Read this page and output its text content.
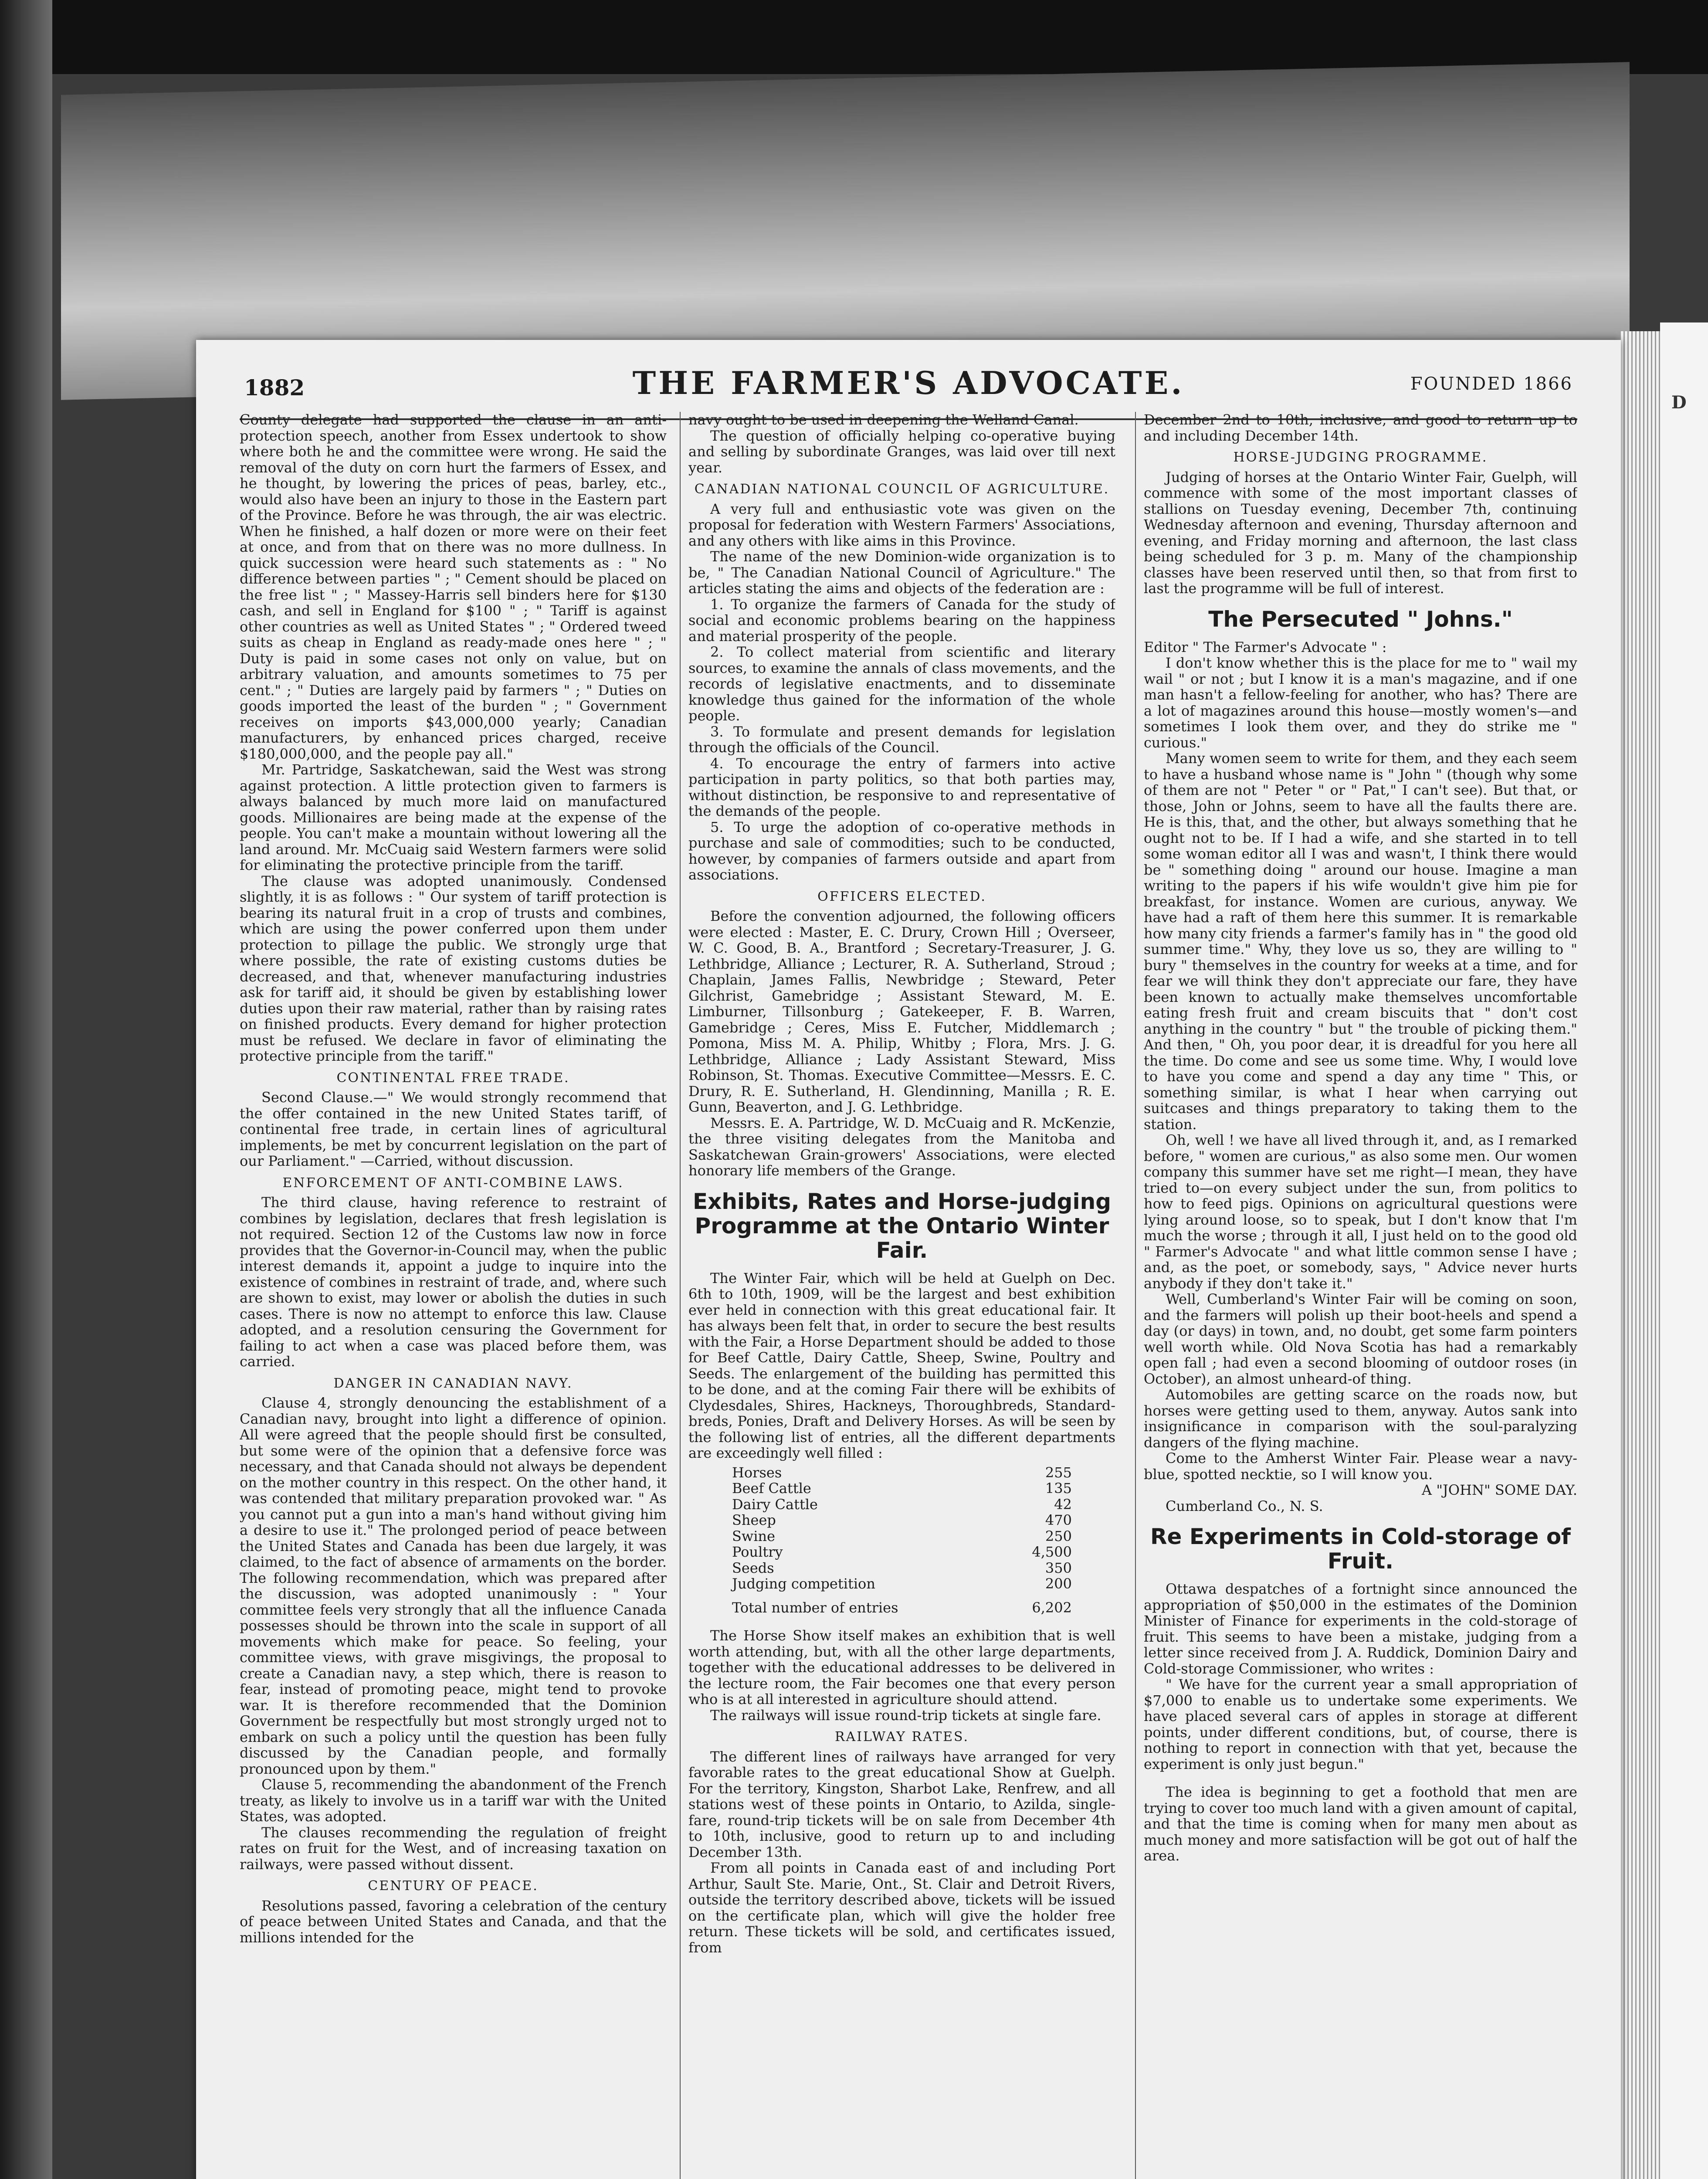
D
1882	THE FARMER'S ADVOCATE.	FOUNDED 1866

County delegate had supported the clause in an anti-protection speech, another from Essex undertook to show where both he and the committee were wrong. He said the removal of the duty on corn hurt the farmers of Essex, and he thought, by lowering the prices of peas, barley, etc., would also have been an injury to those in the Eastern part of the Province. Before he was through, the air was electric. When he finished, a half dozen or more were on their feet at once, and from that on there was no more dullness. In quick succession were heard such statements as : " No difference between parties " ; " Cement should be placed on the free list " ; " Massey-Harris sell binders here for $130 cash, and sell in England for $100 " ; " Tariff is against other countries as well as United States " ; " Ordered tweed suits as cheap in England as ready-made ones here " ; " Duty is paid in some cases not only on value, but on arbitrary valuation, and amounts sometimes to 75 per cent." ; " Duties are largely paid by farmers " ; " Duties on goods imported the least of the burden " ; " Government receives on imports $43,000,000 yearly; Canadian manufacturers, by enhanced prices charged, receive $180,000,000, and the people pay all."

Mr. Partridge, Saskatchewan, said the West was strong against protection. A little protection given to farmers is always balanced by much more laid on manufactured goods. Millionaires are being made at the expense of the people. You can't make a mountain without lowering all the land around. Mr. McCuaig said Western farmers were solid for eliminating the protective principle from the tariff.

The clause was adopted unanimously. Condensed slightly, it is as follows : " Our system of tariff protection is bearing its natural fruit in a crop of trusts and combines, which are using the power conferred upon them under protection to pillage the public. We strongly urge that where possible, the rate of existing customs duties be decreased, and that, whenever manufacturing industries ask for tariff aid, it should be given by establishing lower duties upon their raw material, rather than by raising rates on finished products. Every demand for higher protection must be refused. We declare in favor of eliminating the protective principle from the tariff."

CONTINENTAL FREE TRADE.

Second Clause.—" We would strongly recommend that the offer contained in the new United States tariff, of continental free trade, in certain lines of agricultural implements, be met by concurrent legislation on the part of our Parliament." —Carried, without discussion.

ENFORCEMENT OF ANTI-COMBINE LAWS.

The third clause, having reference to restraint of combines by legislation, declares that fresh legislation is not required. Section 12 of the Customs law now in force provides that the Governor-in-Council may, when the public interest demands it, appoint a judge to inquire into the existence of combines in restraint of trade, and, where such are shown to exist, may lower or abolish the duties in such cases. There is now no attempt to enforce this law. Clause adopted, and a resolution censuring the Government for failing to act when a case was placed before them, was carried.

DANGER IN CANADIAN NAVY.

Clause 4, strongly denouncing the establishment of a Canadian navy, brought into light a difference of opinion. All were agreed that the people should first be consulted, but some were of the opinion that a defensive force was necessary, and that Canada should not always be dependent on the mother country in this respect. On the other hand, it was contended that military preparation provoked war. " As you cannot put a gun into a man's hand without giving him a desire to use it." The prolonged period of peace between the United States and Canada has been due largely, it was claimed, to the fact of absence of armaments on the border. The following recommendation, which was prepared after the discussion, was adopted unanimously : " Your committee feels very strongly that all the influence Canada possesses should be thrown into the scale in support of all movements which make for peace. So feeling, your committee views, with grave misgivings, the proposal to create a Canadian navy, a step which, there is reason to fear, instead of promoting peace, might tend to provoke war. It is therefore recommended that the Dominion Government be respectfully but most strongly urged not to embark on such a policy until the question has been fully discussed by the Canadian people, and formally pronounced upon by them."

Clause 5, recommending the abandonment of the French treaty, as likely to involve us in a tariff war with the United States, was adopted.

The clauses recommending the regulation of freight rates on fruit for the West, and of increasing taxation on railways, were passed without dissent.

CENTURY OF PEACE.

Resolutions passed, favoring a celebration of the century of peace between United States and Canada, and that the millions intended for the

navy ought to be used in deepening the Welland Canal.

The question of officially helping co-operative buying and selling by subordinate Granges, was laid over till next year.

CANADIAN NATIONAL COUNCIL OF AGRICULTURE.

A very full and enthusiastic vote was given on the proposal for federation with Western Farmers' Associations, and any others with like aims in this Province.

The name of the new Dominion-wide organization is to be, " The Canadian National Council of Agriculture." The articles stating the aims and objects of the federation are :

1. To organize the farmers of Canada for the study of social and economic problems bearing on the happiness and material prosperity of the people.

2. To collect material from scientific and literary sources, to examine the annals of class movements, and the records of legislative enactments, and to disseminate knowledge thus gained for the information of the whole people.

3. To formulate and present demands for legislation through the officials of the Council.

4. To encourage the entry of farmers into active participation in party politics, so that both parties may, without distinction, be responsive to and representative of the demands of the people.

5. To urge the adoption of co-operative methods in purchase and sale of commodities; such to be conducted, however, by companies of farmers outside and apart from associations.

OFFICERS ELECTED.

Before the convention adjourned, the following officers were elected : Master, E. C. Drury, Crown Hill ; Overseer, W. C. Good, B. A., Brantford ; Secretary-Treasurer, J. G. Lethbridge, Alliance ; Lecturer, R. A. Sutherland, Stroud ; Chaplain, James Fallis, Newbridge ; Steward, Peter Gilchrist, Gamebridge ; Assistant Steward, M. E. Limburner, Tillsonburg ; Gatekeeper, F. B. Warren, Gamebridge ; Ceres, Miss E. Futcher, Middlemarch ; Pomona, Miss M. A. Philip, Whitby ; Flora, Mrs. J. G. Lethbridge, Alliance ; Lady Assistant Steward, Miss Robinson, St. Thomas. Executive Committee—Messrs. E. C. Drury, R. E. Sutherland, H. Glendinning, Manilla ; R. E. Gunn, Beaverton, and J. G. Lethbridge.

Messrs. E. A. Partridge, W. D. McCuaig and R. McKenzie, the three visiting delegates from the Manitoba and Saskatchewan Grain-growers' Associations, were elected honorary life members of the Grange.

Exhibits, Rates and Horse-judging Programme at the Ontario Winter Fair.

The Winter Fair, which will be held at Guelph on Dec. 6th to 10th, 1909, will be the largest and best exhibition ever held in connection with this great educational fair. It has always been felt that, in order to secure the best results with the Fair, a Horse Department should be added to those for Beef Cattle, Dairy Cattle, Sheep, Swine, Poultry and Seeds. The enlargement of the building has permitted this to be done, and at the coming Fair there will be exhibits of Clydesdales, Shires, Hackneys, Thoroughbreds, Standard-breds, Ponies, Draft and Delivery Horses. As will be seen by the following list of entries, all the different departments are exceedingly well filled :

Horses	255
Beef Cattle	135
Dairy Cattle	42
Sheep	470
Swine	250
Poultry	4,500
Seeds	350
Judging competition	200
Total number of entries	6,202

The Horse Show itself makes an exhibition that is well worth attending, but, with all the other large departments, together with the educational addresses to be delivered in the lecture room, the Fair becomes one that every person who is at all interested in agriculture should attend.

The railways will issue round-trip tickets at single fare.

RAILWAY RATES.

The different lines of railways have arranged for very favorable rates to the great educational Show at Guelph. For the territory, Kingston, Sharbot Lake, Renfrew, and all stations west of these points in Ontario, to Azilda, single-fare, round-trip tickets will be on sale from December 4th to 10th, inclusive, good to return up to and including December 13th.

From all points in Canada east of and including Port Arthur, Sault Ste. Marie, Ont., St. Clair and Detroit Rivers, outside the territory described above, tickets will be issued on the certificate plan, which will give the holder free return. These tickets will be sold, and certificates issued, from

December 2nd to 10th, inclusive, and good to return up to and including December 14th.

HORSE-JUDGING PROGRAMME.

Judging of horses at the Ontario Winter Fair, Guelph, will commence with some of the most important classes of stallions on Tuesday evening, December 7th, continuing Wednesday afternoon and evening, Thursday afternoon and evening, and Friday morning and afternoon, the last class being scheduled for 3 p. m. Many of the championship classes have been reserved until then, so that from first to last the programme will be full of interest.

The Persecuted " Johns."

Editor " The Farmer's Advocate " :

I don't know whether this is the place for me to " wail my wail " or not ; but I know it is a man's magazine, and if one man hasn't a fellow-feeling for another, who has? There are a lot of magazines around this house—mostly women's—and sometimes I look them over, and they do strike me " curious."

Many women seem to write for them, and they each seem to have a husband whose name is " John " (though why some of them are not " Peter " or " Pat," I can't see). But that, or those, John or Johns, seem to have all the faults there are. He is this, that, and the other, but always something that he ought not to be. If I had a wife, and she started in to tell some woman editor all I was and wasn't, I think there would be " something doing " around our house. Imagine a man writing to the papers if his wife wouldn't give him pie for breakfast, for instance. Women are curious, anyway. We have had a raft of them here this summer. It is remarkable how many city friends a farmer's family has in " the good old summer time." Why, they love us so, they are willing to " bury " themselves in the country for weeks at a time, and for fear we will think they don't appreciate our fare, they have been known to actually make themselves uncomfortable eating fresh fruit and cream biscuits that " don't cost anything in the country " but " the trouble of picking them." And then, " Oh, you poor dear, it is dreadful for you here all the time. Do come and see us some time. Why, I would love to have you come and spend a day any time " This, or something similar, is what I hear when carrying out suitcases and things preparatory to taking them to the station.

Oh, well ! we have all lived through it, and, as I remarked before, " women are curious," as also some men. Our women company this summer have set me right—I mean, they have tried to—on every subject under the sun, from politics to how to feed pigs. Opinions on agricultural questions were lying around loose, so to speak, but I don't know that I'm much the worse ; through it all, I just held on to the good old " Farmer's Advocate " and what little common sense I have ; and, as the poet, or somebody, says, " Advice never hurts anybody if they don't take it."

Well, Cumberland's Winter Fair will be coming on soon, and the farmers will polish up their boot-heels and spend a day (or days) in town, and, no doubt, get some farm pointers well worth while. Old Nova Scotia has had a remarkably open fall ; had even a second blooming of outdoor roses (in October), an almost unheard-of thing.

Automobiles are getting scarce on the roads now, but horses were getting used to them, anyway. Autos sank into insignificance in comparison with the soul-paralyzing dangers of the flying machine.

Come to the Amherst Winter Fair. Please wear a navy-blue, spotted necktie, so I will know you.

A "JOHN" SOME DAY.

Cumberland Co., N. S.

Re Experiments in Cold-storage of Fruit.

Ottawa despatches of a fortnight since announced the appropriation of $50,000 in the estimates of the Dominion Minister of Finance for experiments in the cold-storage of fruit. This seems to have been a mistake, judging from a letter since received from J. A. Ruddick, Dominion Dairy and Cold-storage Commissioner, who writes :

" We have for the current year a small appropriation of $7,000 to enable us to undertake some experiments. We have placed several cars of apples in storage at different points, under different conditions, but, of course, there is nothing to report in connection with that yet, because the experiment is only just begun."

The idea is beginning to get a foothold that men are trying to cover too much land with a given amount of capital, and that the time is coming when for many men about as much money and more satisfaction will be got out of half the area.
